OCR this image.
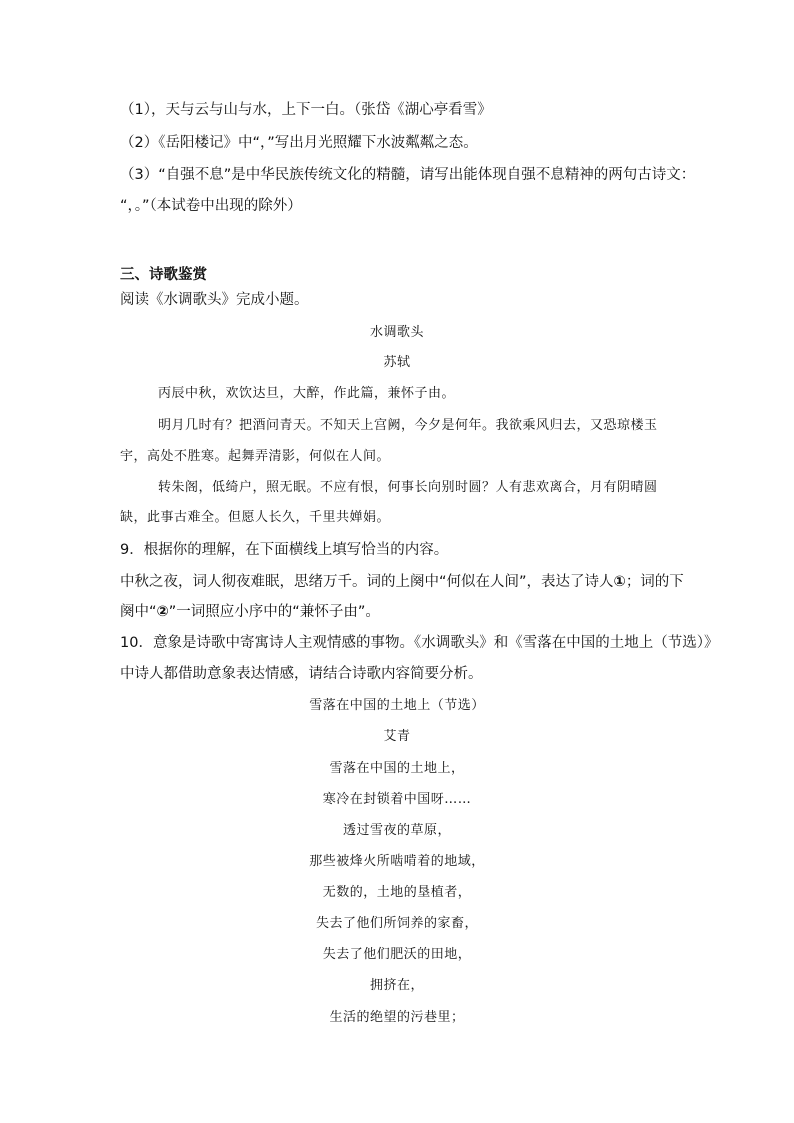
（1），天与云与山与水，上下一白。（张岱《湖心亭看雪》
（2）《岳阳楼记》中“，”写出月光照耀下水波粼粼之态。
（3）“自强不息”是中华民族传统文化的精髓，请写出能体现自强不息精神的两句古诗文：
“，。”（本试卷中出现的除外）
三、诗歌鉴赏
阅读《水调歌头》完成小题。
水调歌头
苏轼
丙辰中秋，欢饮达旦，大醉，作此篇，兼怀子由。
明月几时有？把酒问青天。不知天上宫阙，今夕是何年。我欲乘风归去，又恐琼楼玉
宇，高处不胜寒。起舞弄清影，何似在人间。
转朱阁，低绮户，照无眠。不应有恨，何事长向别时圆？人有悲欢离合，月有阴晴圆
缺，此事古难全。但愿人长久，千里共婵娟。
9．根据你的理解，在下面横线上填写恰当的内容。
中秋之夜，词人彻夜难眠，思绪万千。词的上阕中“何似在人间”，表达了诗人①；词的下
阕中“②”一词照应小序中的“兼怀子由”。
10．意象是诗歌中寄寓诗人主观情感的事物。《水调歌头》和《雪落在中国的土地上（节选）》
中诗人都借助意象表达情感，请结合诗歌内容简要分析。
雪落在中国的土地上（节选）
艾青
雪落在中国的土地上，
寒冷在封锁着中国呀……
透过雪夜的草原，
那些被烽火所啮啃着的地域，
无数的，土地的垦植者，
失去了他们所饲养的家畜，
失去了他们肥沃的田地，
拥挤在，
生活的绝望的污巷里；
